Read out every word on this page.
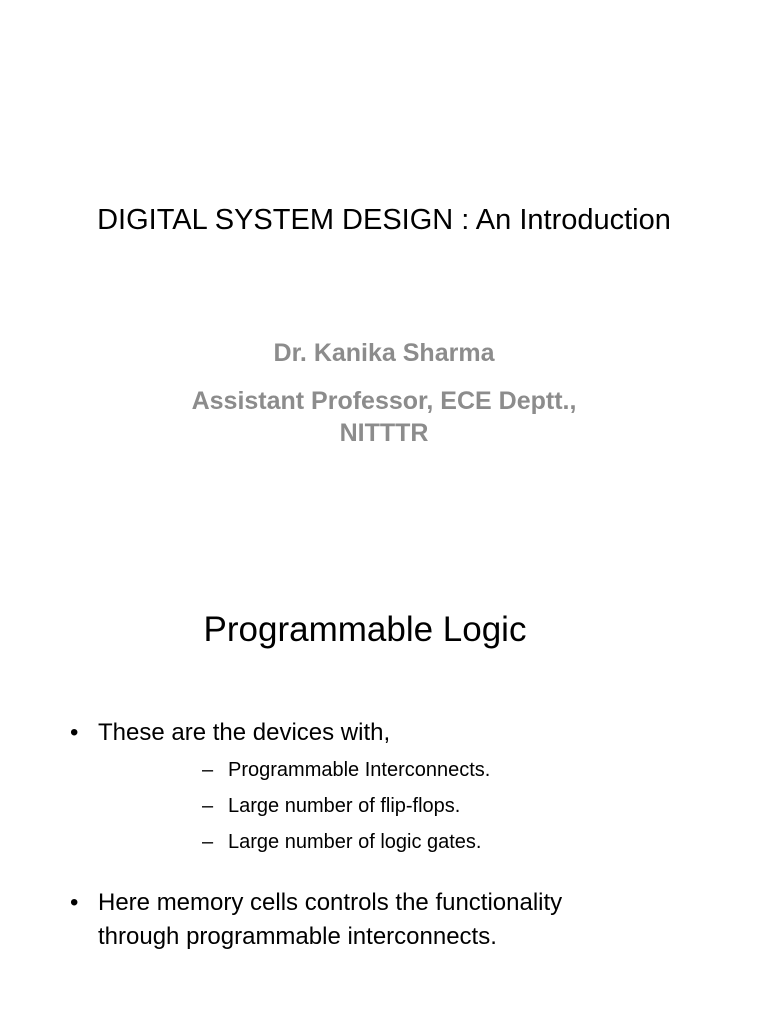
DIGITAL SYSTEM DESIGN : An Introduction
Dr. Kanika Sharma
Assistant Professor, ECE Deptt.,
NITTTR
Programmable Logic
• These are the devices with,
– Programmable Interconnects.
– Large number of flip-flops.
– Large number of logic gates.
• Here memory cells controls the functionality
through programmable interconnects.
